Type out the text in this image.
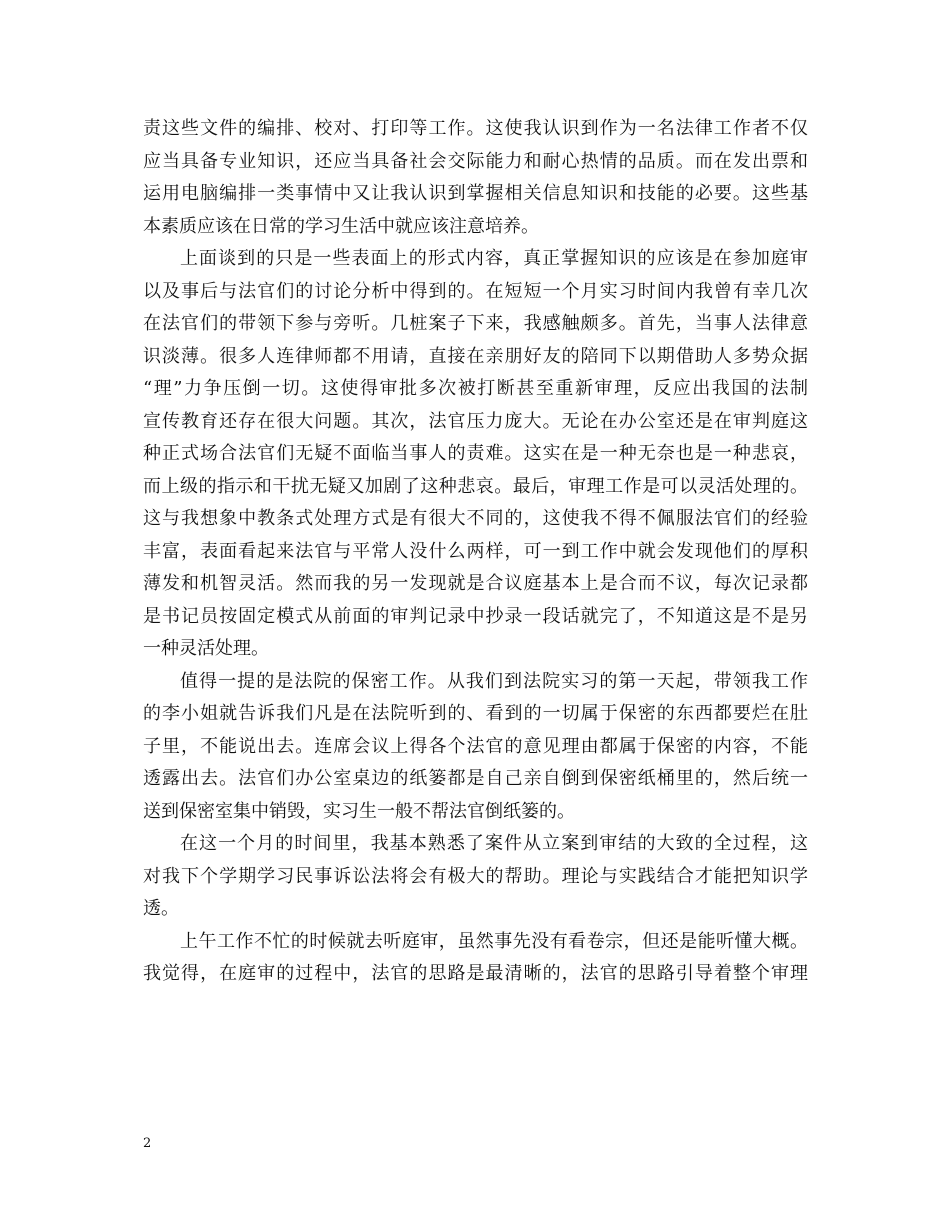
责这些文件的编排、校对、打印等工作。这使我认识到作为一名法律工作者不仅
应当具备专业知识，还应当具备社会交际能力和耐心热情的品质。而在发出票和
运用电脑编排一类事情中又让我认识到掌握相关信息知识和技能的必要。这些基
本素质应该在日常的学习生活中就应该注意培养。
上面谈到的只是一些表面上的形式内容，真正掌握知识的应该是在参加庭审
以及事后与法官们的讨论分析中得到的。在短短一个月实习时间内我曾有幸几次
在法官们的带领下参与旁听。几桩案子下来，我感触颇多。首先，当事人法律意
识淡薄。很多人连律师都不用请，直接在亲朋好友的陪同下以期借助人多势众据
“理”力争压倒一切。这使得审批多次被打断甚至重新审理，反应出我国的法制
宣传教育还存在很大问题。其次，法官压力庞大。无论在办公室还是在审判庭这
种正式场合法官们无疑不面临当事人的责难。这实在是一种无奈也是一种悲哀，
而上级的指示和干扰无疑又加剧了这种悲哀。最后，审理工作是可以灵活处理的。
这与我想象中教条式处理方式是有很大不同的，这使我不得不佩服法官们的经验
丰富，表面看起来法官与平常人没什么两样，可一到工作中就会发现他们的厚积
薄发和机智灵活。然而我的另一发现就是合议庭基本上是合而不议，每次记录都
是书记员按固定模式从前面的审判记录中抄录一段话就完了，不知道这是不是另
一种灵活处理。
值得一提的是法院的保密工作。从我们到法院实习的第一天起，带领我工作
的李小姐就告诉我们凡是在法院听到的、看到的一切属于保密的东西都要烂在肚
子里，不能说出去。连席会议上得各个法官的意见理由都属于保密的内容，不能
透露出去。法官们办公室桌边的纸篓都是自己亲自倒到保密纸桶里的，然后统一
送到保密室集中销毁，实习生一般不帮法官倒纸篓的。
在这一个月的时间里，我基本熟悉了案件从立案到审结的大致的全过程，这
对我下个学期学习民事诉讼法将会有极大的帮助。理论与实践结合才能把知识学
透。
上午工作不忙的时候就去听庭审，虽然事先没有看卷宗，但还是能听懂大概。
我觉得，在庭审的过程中，法官的思路是最清晰的，法官的思路引导着整个审理
2
